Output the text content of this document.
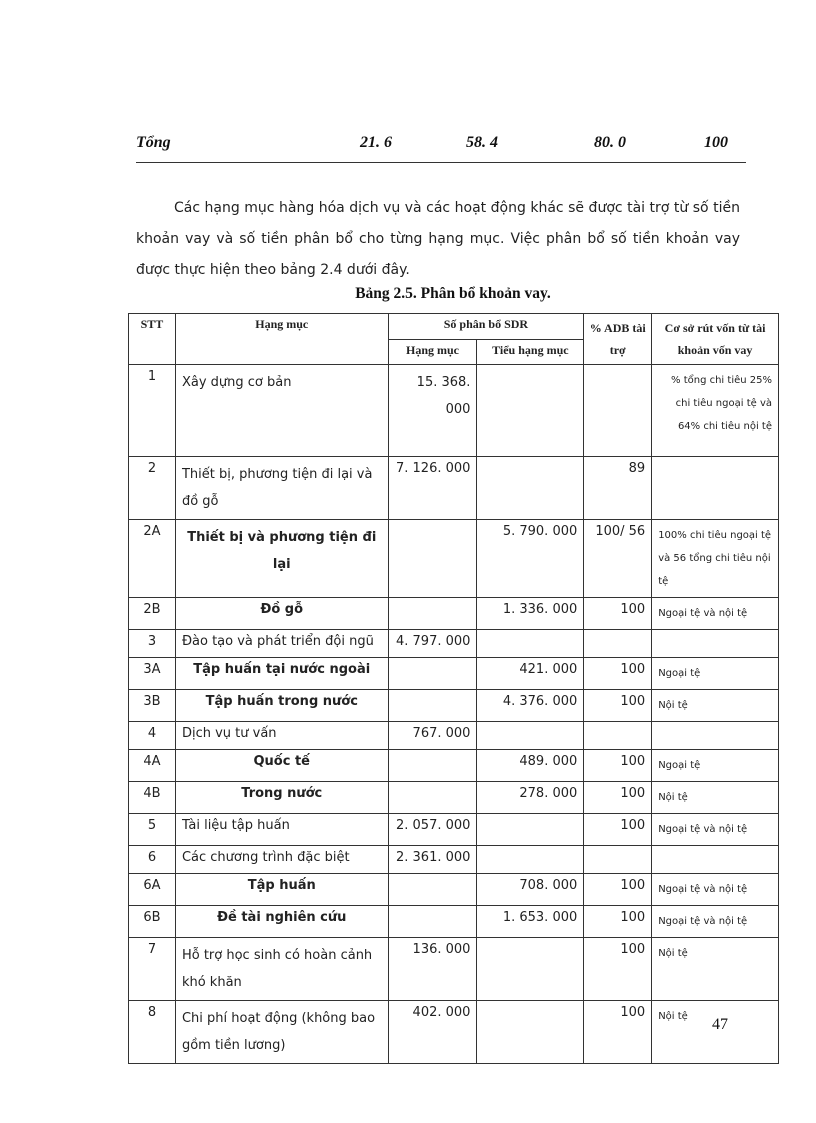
Tổng	21. 6	58. 4	80. 0	100
Các hạng mục hàng hóa dịch vụ và các hoạt động khác sẽ được tài trợ từ số tiền khoản vay và số tiền phân bổ cho từng hạng mục. Việc phân bổ số tiền khoản vay được thực hiện theo bảng 2.4 dưới đây.
Bảng 2.5. Phân bổ khoản vay.
STT	Hạng mục	Số phân bổ SDR		% ADB tài trợ	Cơ sở rút vốn từ tài khoản vốn vay
		Hạng mục	Tiểu hạng mục		
1	Xây dựng cơ bản	15. 368. 000			% tổng chi tiêu 25% chi tiêu ngoại tệ và 64% chi tiêu nội tệ
2	Thiết bị, phương tiện đi lại và đồ gỗ	7. 126. 000		89	
2A	Thiết bị và phương tiện đi lại		5. 790. 000	100/ 56	100% chi tiêu ngoại tệ và 56 tổng chi tiêu nội tệ
2B	Đồ gỗ		1. 336. 000	100	Ngoại tệ và nội tệ
3	Đào tạo và phát triển đội ngũ	4. 797. 000			
3A	Tập huấn tại nước ngoài		421. 000	100	Ngoại tệ
3B	Tập huấn trong nước		4. 376. 000	100	Nội tệ
4	Dịch vụ tư vấn	767. 000			
4A	Quốc tế		489. 000	100	Ngoại tệ
4B	Trong nước		278. 000	100	Nội tệ
5	Tài liệu tập huấn	2. 057. 000		100	Ngoại tệ và nội tệ
6	Các chương trình đặc biệt	2. 361. 000			
6A	Tập huấn		708. 000	100	Ngoại tệ và nội tệ
6B	Đề tài nghiên cứu		1. 653. 000	100	Ngoại tệ và nội tệ
7	Hỗ trợ học sinh có hoàn cảnh khó khăn	136. 000		100	Nội tệ
8	Chi phí hoạt động (không bao gồm tiền lương)	402. 000		100	Nội tệ 47
